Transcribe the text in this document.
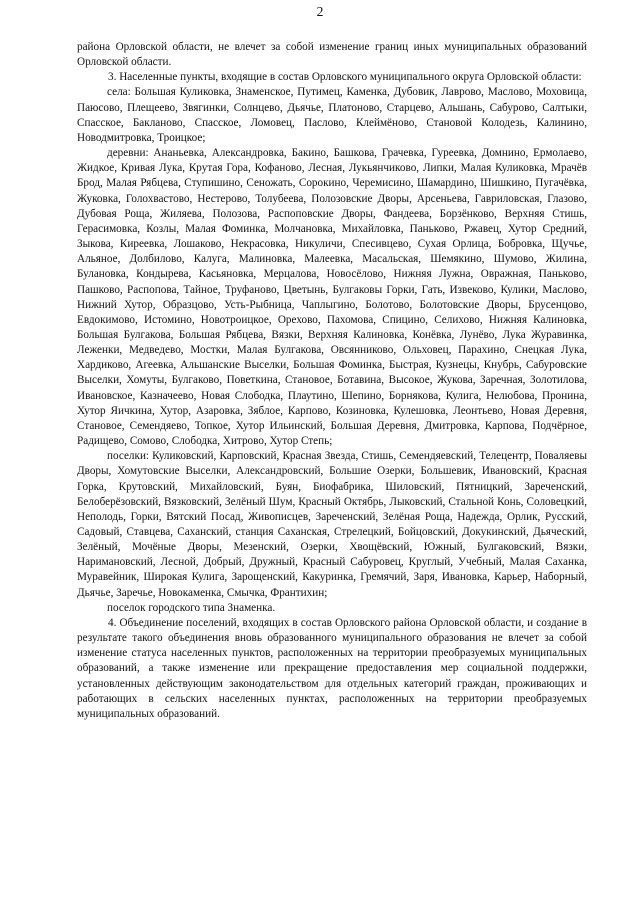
2

района Орловской области, не влечет за собой изменение границ иных муниципальных образований Орловской области.

3. Населенные пункты, входящие в состав Орловского муниципального округа Орловской области:

села: Большая Куликовка, Знаменское, Путимец, Каменка, Дубовик, Лаврово, Маслово, Моховица, Паюсово, Плещеево, Звягинки, Солнцево, Дьячье, Платоново, Старцево, Альшань, Сабурово, Салтыки, Спасское, Бакланово, Спасское, Ломовец, Пaслово, Клеймёново, Становой Колодезь, Калинино, Новодмитровка, Троицкое;

деревни: Ананьевка, Александровка, Бакино, Башкова, Грачевка, Гуреевка, Домнино, Ермолаево, Жидкое, Кривая Лука, Крутая Гора, Кофаново, Лесная, Лукьянчиково, Липки, Малая Куликовка, Мрачёв Брод, Малая Рябцева, Ступишино, Сеножать, Сорокино, Черемисино, Шамардино, Шишкино, Пугачёвка, Жуковка, Голохвастово, Нестерово, Толубеева, Полозовские Дворы, Арсеньева, Гавриловская, Глазово, Дубовая Роща, Жиляева, Полозова, Распоповские Дворы, Фандеева, Борзёнково, Верхняя Стишь, Герасимовка, Козлы, Малая Фоминка, Молчановка, Михайловка, Паньково, Ржавец, Хутор Средний, Зыкова, Киреевка, Лошаково, Некрасовка, Никуличи, Спесивцево, Сухая Орлица, Бобровка, Щучье, Альяное, Долбилово, Калуга, Малиновка, Малеевка, Масальская, Шемякино, Шумово, Жилина, Булановка, Кондырева, Касьяновка, Мерцалова, Новосёлово, Нижняя Лужна, Овражная, Паньково, Пашково, Распопова, Тайное, Труфаново, Цветынь, Булгаковы Горки, Гать, Извеково, Кулики, Маслово, Нижний Хутор, Образцово, Усть-Рыбница, Чаплыгино, Болотово, Болотовские Дворы, Брусенцово, Евдокимово, Истомино, Новотроицкое, Орехово, Пахомова, Спицино, Селихово, Нижняя Калиновка, Большая Булгакова, Большая Рябцева, Вязки, Верхняя Калиновка, Конёвка, Лунёво, Лука Журавинка, Леженки, Медведево, Мостки, Малая Булгакова, Овсянниково, Ольховец, Парахино, Снецкая Лука, Хардиково, Агеевка, Альшанские Выселки, Большая Фоминка, Быстрая, Кузнецы, Кнубрь, Сабуровские Выселки, Хомуты, Булгаково, Поветкина, Становое, Ботавина, Высокое, Жукова, Заречная, Золотилова, Ивановское, Казначеево, Новая Слободка, Плаутино, Шепино, Борнякова, Кулига, Нелюбова, Пронина, Хутор Яичкина, Хутор, Азаровка, Зяблое, Карпово, Козиновка, Кулешовка, Леонтьево, Новая Деревня, Становое, Семендяево, Топкое, Хутор Ильинский, Большая Деревня, Дмитровка, Карпова, Подчёрное, Радищево, Сомово, Слободка, Хитрово, Хутор Степь;

поселки: Куликовский, Карповский, Красная Звезда, Стишь, Семендяевский, Телецентр, Поваляевы Дворы, Хомутовские Выселки, Александровский, Большие Озерки, Большевик, Ивановский, Красная Горка, Крутовский, Михайловский, Буян, Биофабрика, Шиловский, Пятницкий, Зареченский, Белоберёзовский, Вязковский, Зелёный Шум, Красный Октябрь, Лыковский, Стальной Конь, Соловецкий, Неполодь, Горки, Вятский Посад, Живописцев, Зареченский, Зелёная Роща, Надежда, Орлик, Русский, Садовый, Ставцева, Саханский, станция Саханская, Стрелецкий, Бойцовский, Докукинский, Дьяческий, Зелёный, Мочёные Дворы, Мезенский, Озерки, Хвощёвский, Южный, Булгаковский, Вязки, Наримановский, Лесной, Добрый, Дружный, Красный Сабуровец, Круглый, Учебный, Малая Саханка, Муравейник, Широкая Кулига, Зарощенский, Какуринка, Гремячий, Заря, Ивановка, Карьер, Наборный, Дьячье, Заречье, Новокаменка, Смычка, Франтихин;

поселок городского типа Знаменка.

4. Объединение поселений, входящих в состав Орловского района Орловской области, и создание в результате такого объединения вновь образованного муниципального образования не влечет за собой изменение статуса населенных пунктов, расположенных на территории преобразуемых муниципальных образований, а также изменение или прекращение предоставления мер социальной поддержки, установленных действующим законодательством для отдельных категорий граждан, проживающих и работающих в сельских населенных пунктах, расположенных на территории преобразуемых муниципальных образований.
